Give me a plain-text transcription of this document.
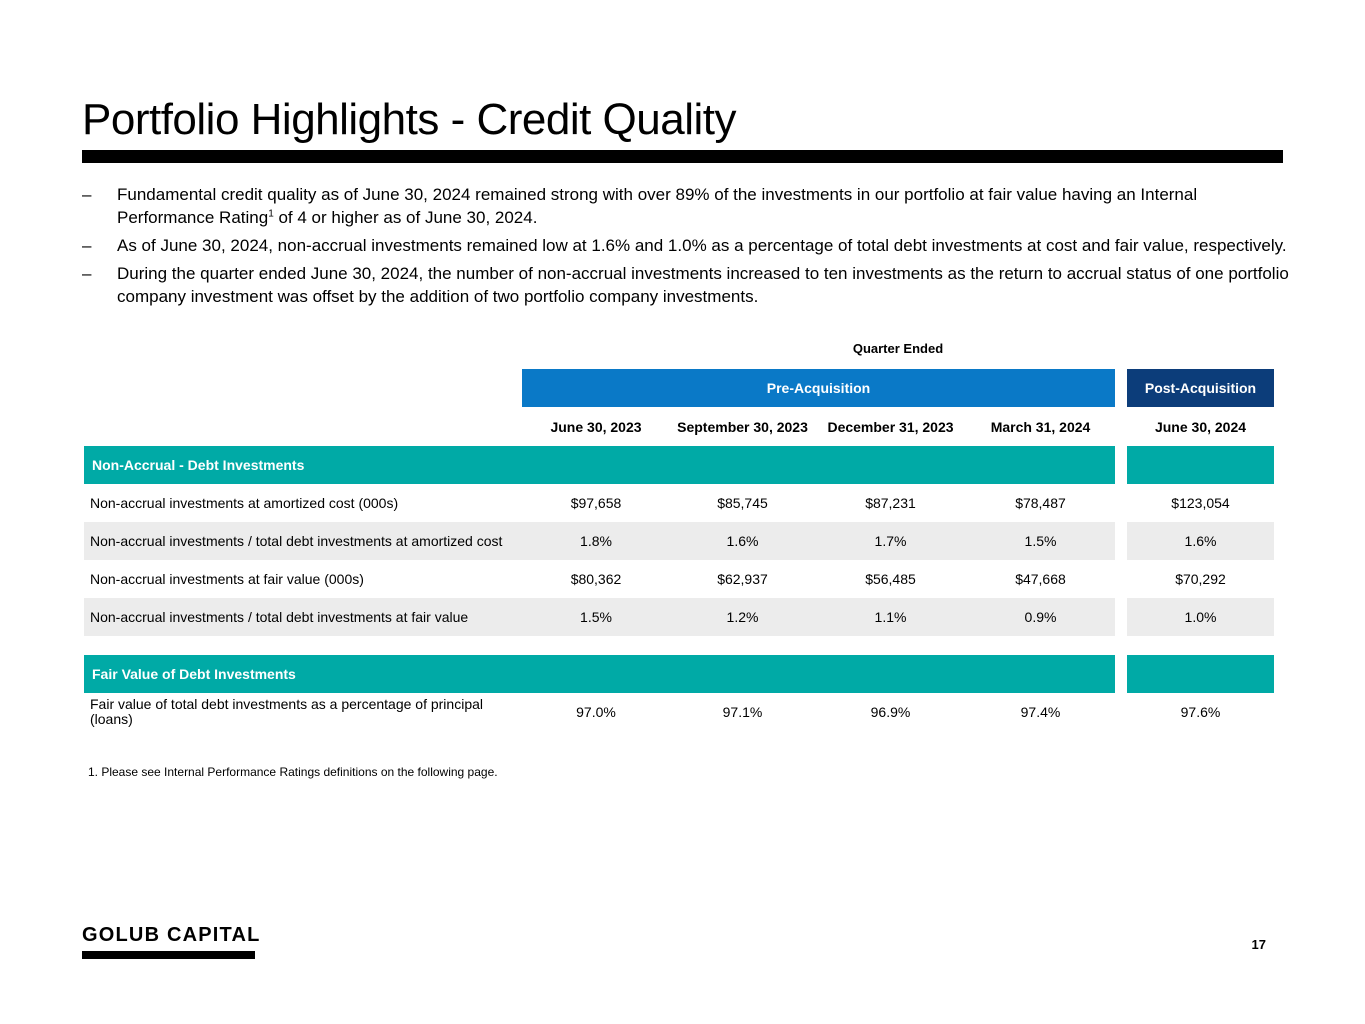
Portfolio Highlights - Credit Quality
– Fundamental credit quality as of June 30, 2024 remained strong with over 89% of the investments in our portfolio at fair value having an Internal Performance Rating$^1$ of 4 or higher as of June 30, 2024.
– As of June 30, 2024, non-accrual investments remained low at 1.6% and 1.0% as a percentage of total debt investments at cost and fair value, respectively.
– During the quarter ended June 30, 2024, the number of non-accrual investments increased to ten investments as the return to accrual status of one portfolio company investment was offset by the addition of two portfolio company investments.
Quarter Ended
Pre-Acquisition	Post-Acquisition
June 30, 2023	September 30, 2023	December 31, 2023	March 31, 2024	June 30, 2024
Non-Accrual - Debt Investments
Non-accrual investments at amortized cost (000s)	$97,658	$85,745	$87,231	$78,487	$123,054
Non-accrual investments / total debt investments at amortized cost	1.8%	1.6%	1.7%	1.5%	1.6%
Non-accrual investments at fair value (000s)	$80,362	$62,937	$56,485	$47,668	$70,292
Non-accrual investments / total debt investments at fair value	1.5%	1.2%	1.1%	0.9%	1.0%
Fair Value of Debt Investments
Fair value of total debt investments as a percentage of principal (loans)	97.0%	97.1%	96.9%	97.4%	97.6%
1. Please see Internal Performance Ratings definitions on the following page.
GOLUB CAPITAL	17
